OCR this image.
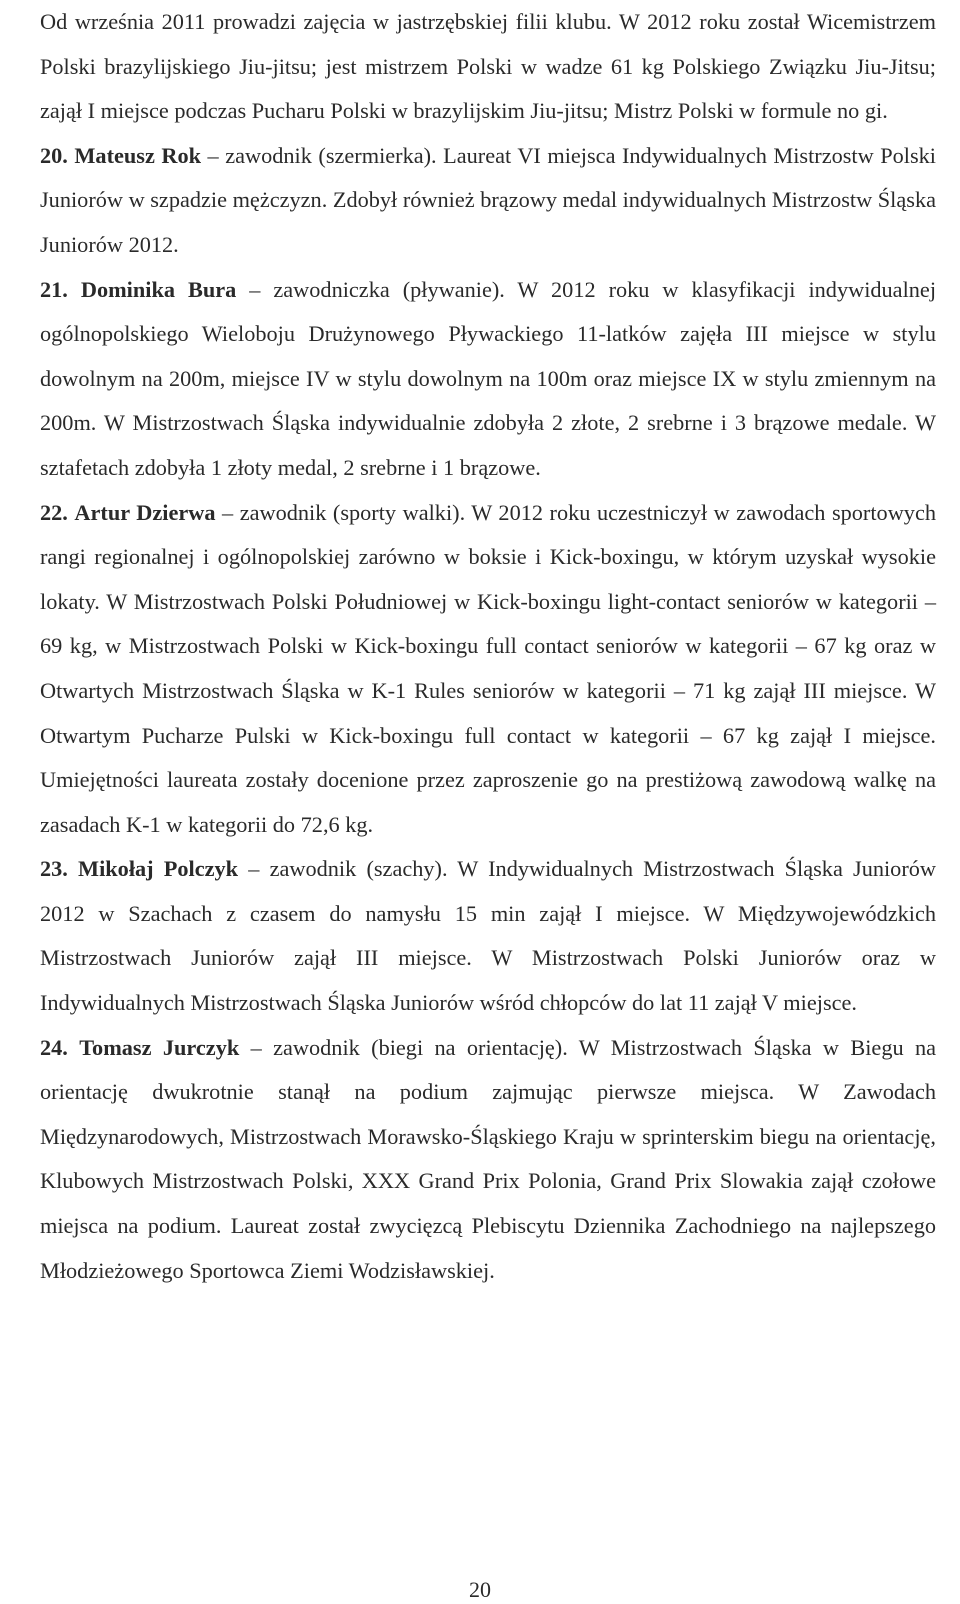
Od września 2011 prowadzi zajęcia w jastrzębskiej filii klubu. W 2012 roku został Wicemistrzem Polski brazylijskiego Jiu-jitsu; jest mistrzem Polski w wadze 61 kg Polskiego Związku Jiu-Jitsu; zajął I miejsce podczas Pucharu Polski w brazylijskim Jiu-jitsu; Mistrz Polski w formule no gi.

20. Mateusz Rok – zawodnik (szermierka). Laureat VI miejsca Indywidualnych Mistrzostw Polski Juniorów w szpadzie mężczyzn. Zdobył również brązowy medal indywidualnych Mistrzostw Śląska Juniorów 2012.

21. Dominika Bura – zawodniczka (pływanie). W 2012 roku w klasyfikacji indywidualnej ogólnopolskiego Wieloboju Drużynowego Pływackiego 11-latków zajęła III miejsce w stylu dowolnym na 200m, miejsce IV w stylu dowolnym na 100m oraz miejsce IX w stylu zmiennym na 200m. W Mistrzostwach Śląska indywidualnie zdobyła 2 złote, 2 srebrne i 3 brązowe medale. W sztafetach zdobyła 1 złoty medal, 2 srebrne i 1 brązowe.

22. Artur Dzierwa – zawodnik (sporty walki). W 2012 roku uczestniczył w zawodach sportowych rangi regionalnej i ogólnopolskiej zarówno w boksie i Kick-boxingu, w którym uzyskał wysokie lokaty. W Mistrzostwach Polski Południowej w Kick-boxingu light-contact seniorów w kategorii – 69 kg, w Mistrzostwach Polski w Kick-boxingu full contact seniorów w kategorii – 67 kg oraz w Otwartych Mistrzostwach Śląska w K-1 Rules seniorów w kategorii – 71 kg zajął III miejsce. W Otwartym Pucharze Pulski w Kick-boxingu full contact w kategorii – 67 kg zajął I miejsce. Umiejętności laureata zostały docenione przez zaproszenie go na prestiżową zawodową walkę na zasadach K-1 w kategorii do 72,6 kg.

23. Mikołaj Polczyk – zawodnik (szachy). W Indywidualnych Mistrzostwach Śląska Juniorów 2012 w Szachach z czasem do namysłu 15 min zajął I miejsce. W Międzywojewódzkich Mistrzostwach Juniorów zajął III miejsce. W Mistrzostwach Polski Juniorów oraz w Indywidualnych Mistrzostwach Śląska Juniorów wśród chłopców do lat 11 zajął V miejsce.

24. Tomasz Jurczyk – zawodnik (biegi na orientację). W Mistrzostwach Śląska w Biegu na orientację dwukrotnie stanął na podium zajmując pierwsze miejsca. W Zawodach Międzynarodowych, Mistrzostwach Morawsko-Śląskiego Kraju w sprinterskim biegu na orientację, Klubowych Mistrzostwach Polski, XXX Grand Prix Polonia, Grand Prix Slowakia zajął czołowe miejsca na podium. Laureat został zwycięzcą Plebiscytu Dziennika Zachodniego na najlepszego Młodzieżowego Sportowca Ziemi Wodzisławskiej.

20
